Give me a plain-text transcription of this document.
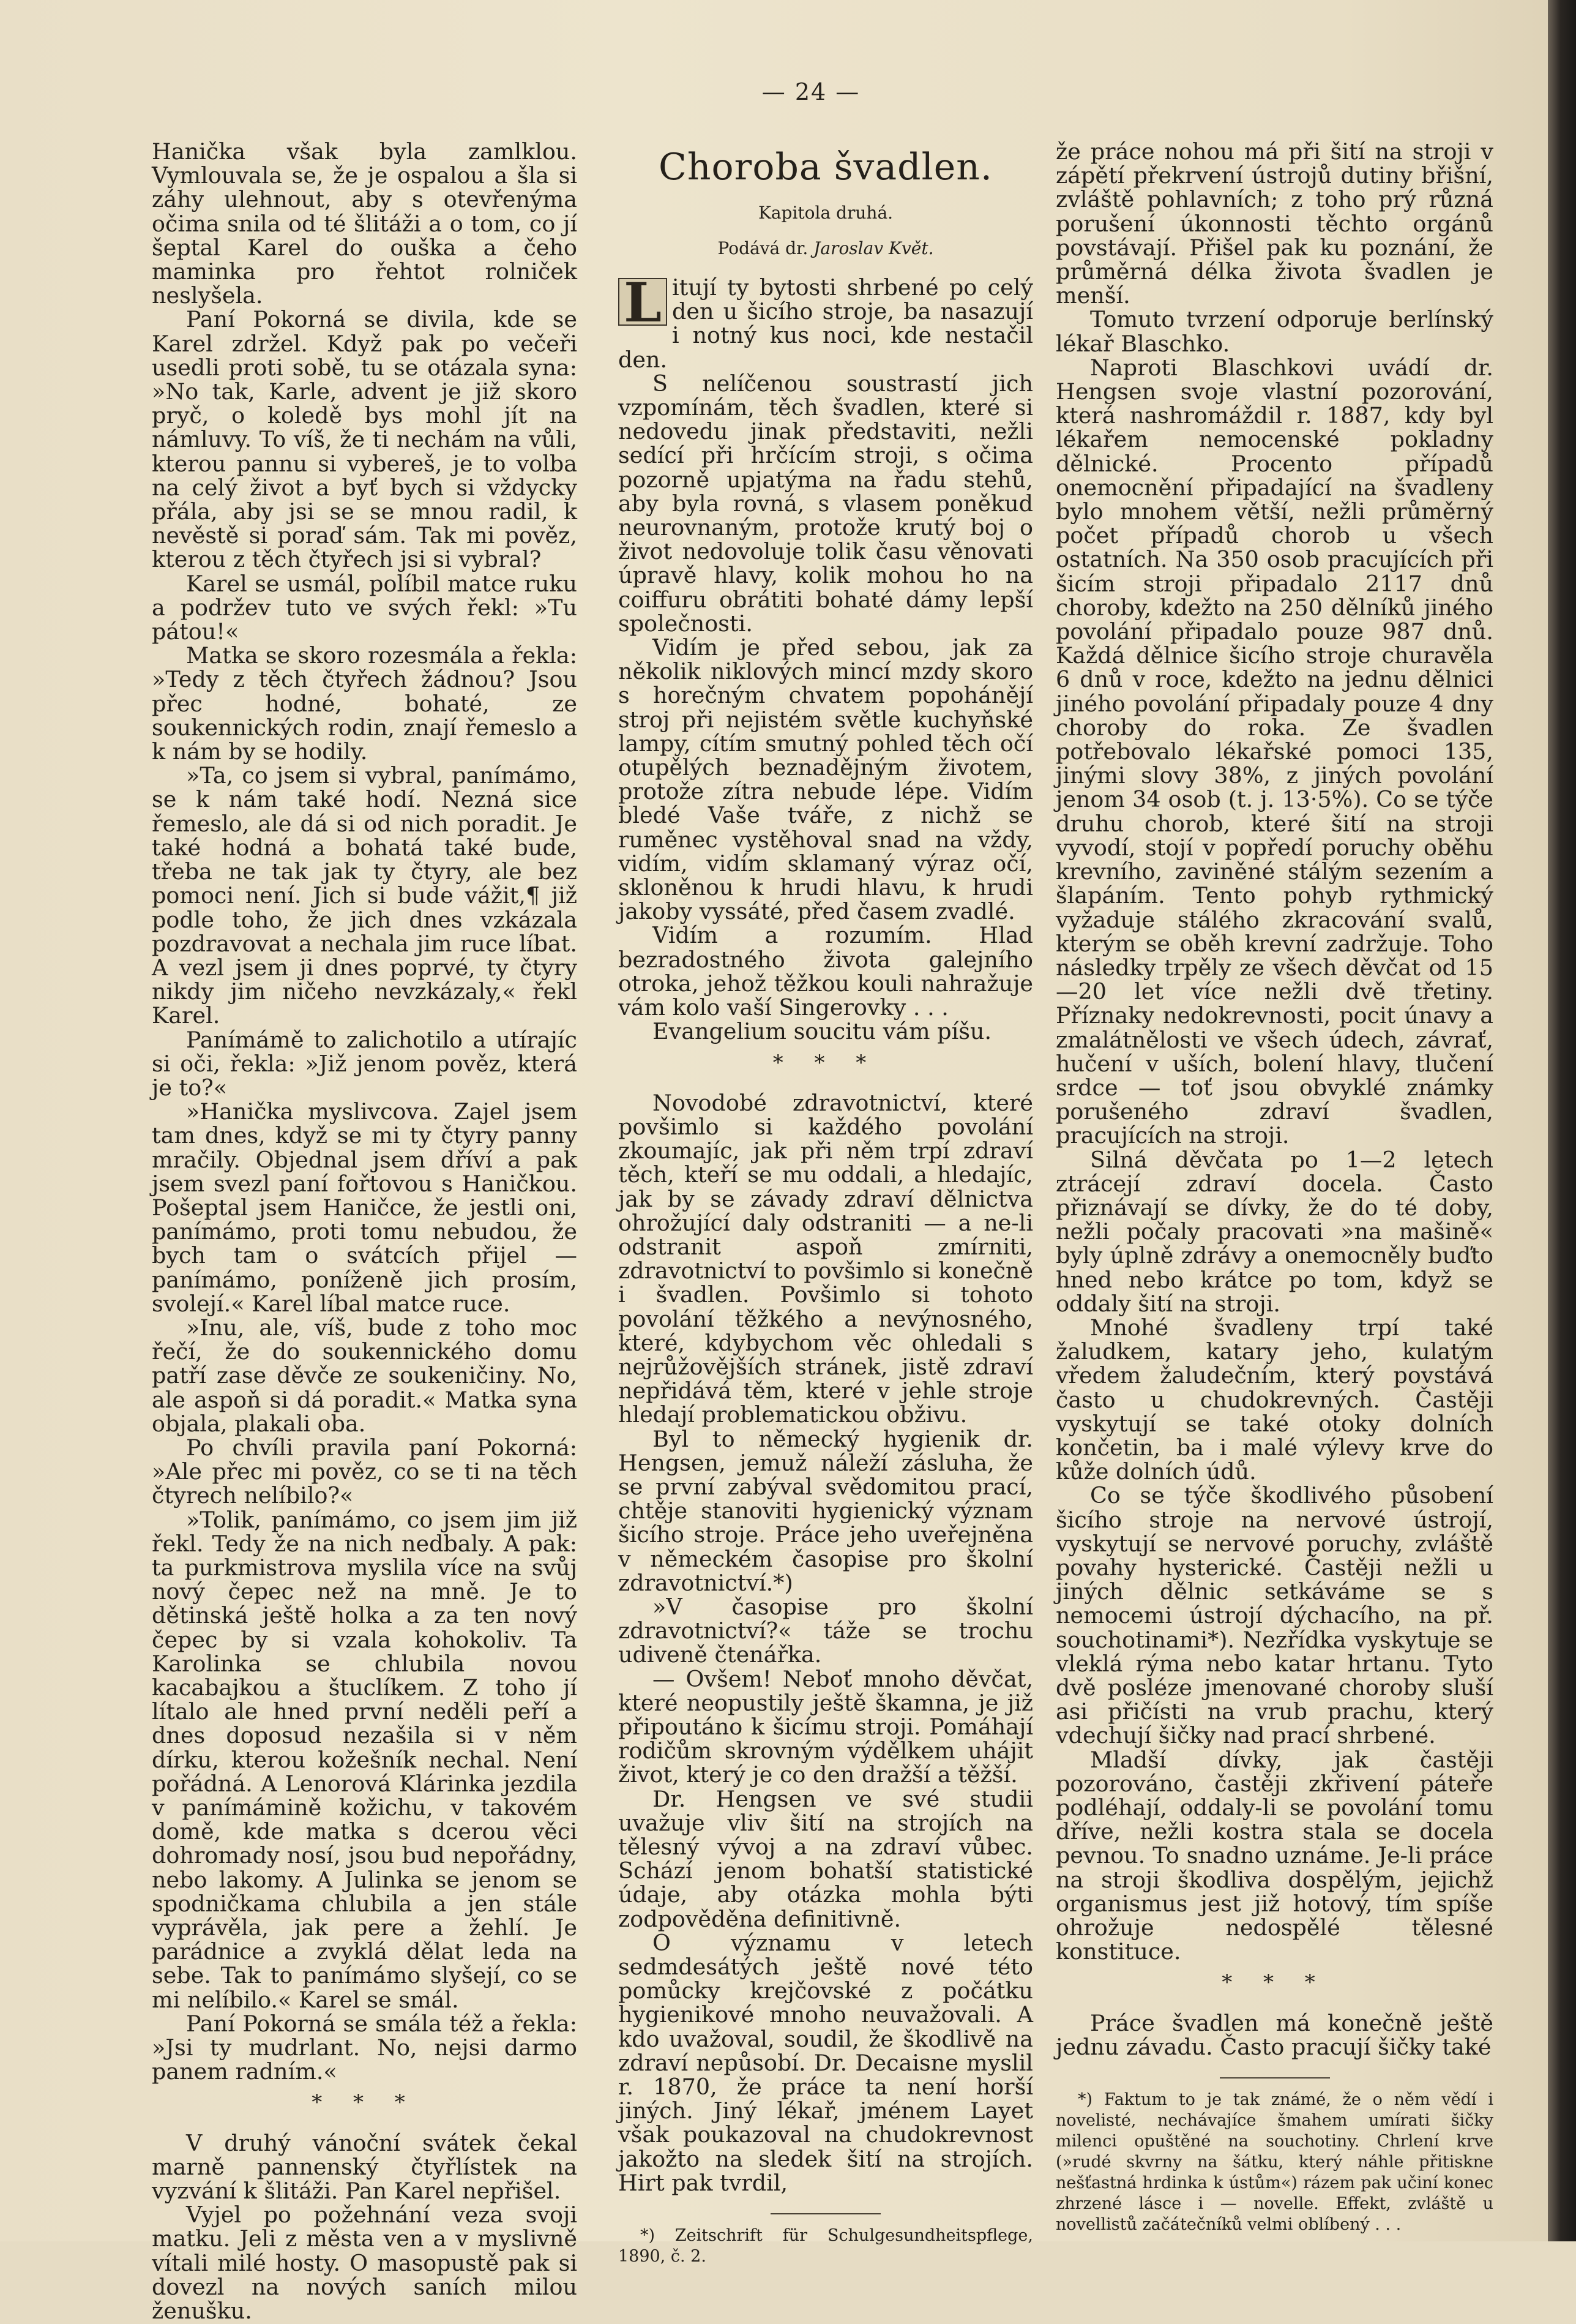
— 24 —

Hanička však byla zamlklou. Vymlouvala se, že je ospalou a šla si záhy ulehnout, aby s otevřenýma očima snila od té šlitáži a o tom, co jí šeptal Karel do ouška a čeho maminka pro řehtot rolniček neslyšela.

Paní Pokorná se divila, kde se Karel zdržel. Když pak po večeři usedli proti sobě, tu se otázala syna: »No tak, Karle, advent je již skoro pryč, o koledě bys mohl jít na námluvy. To víš, že ti nechám na vůli, kterou pannu si vybereš, je to volba na celý život a byť bych si vždycky přála, aby jsi se se mnou radil, k nevěstě si poraď sám. Tak mi pověz, kterou z těch čtyřech jsi si vybral?

Karel se usmál, políbil matce ruku a podržev tuto ve svých řekl: »Tu pátou!«

Matka se skoro rozesmála a řekla: »Tedy z těch čtyřech žádnou? Jsou přec hodné, bohaté, ze soukennických rodin, znají řemeslo a k nám by se hodily.

»Ta, co jsem si vybral, panímámo, se k nám také hodí. Nezná sice řemeslo, ale dá si od nich poradit. Je také hodná a bohatá také bude, třeba ne tak jak ty čtyry, ale bez pomoci není. Jich si bude vážit,¶ již podle toho, že jich dnes vzkázala pozdravovat a nechala jim ruce líbat. A vezl jsem ji dnes poprvé, ty čtyry nikdy jim ničeho nevzkázaly,« řekl Karel.

Panímámě to zalichotilo a utírajíc si oči, řekla: »Již jenom pověz, která je to?«

»Hanička myslivcova. Zajel jsem tam dnes, když se mi ty čtyry panny mračily. Objednal jsem dříví a pak jsem svezl paní fořtovou s Haničkou. Pošeptal jsem Haničce, že jestli oni, panímámo, proti tomu nebudou, že bych tam o svátcích přijel — panímámo, poníženě jich prosím, svolejí.« Karel líbal matce ruce.

»Inu, ale, víš, bude z toho moc řečí, že do soukennického domu patří zase děvče ze soukeničiny. No, ale aspoň si dá poradit.« Matka syna objala, plakali oba.

Po chvíli pravila paní Pokorná: »Ale přec mi pověz, co se ti na těch čtyrech nelíbilo?«

»Tolik, panímámo, co jsem jim již řekl. Tedy že na nich nedbaly. A pak: ta purkmistrova myslila více na svůj nový čepec než na mně. Je to dětinská ještě holka a za ten nový čepec by si vzala kohokoliv. Ta Karolinka se chlubila novou kacabajkou a štuclíkem. Z toho jí lítalo ale hned první neděli peří a dnes doposud nezašila si v něm dírku, kterou kožešník nechal. Není pořádná. A Lenorová Klárinka jezdila v panímámině kožichu, v takovém domě, kde matka s dcerou věci dohromady nosí, jsou bud nepořádny, nebo lakomy. A Julinka se jenom se spodničkama chlubila a jen stále vyprávěla, jak pere a žehlí. Je parádnice a zvyklá dělat leda na sebe. Tak to panímámo slyšejí, co se mi nelíbilo.« Karel se smál.

Paní Pokorná se smála též a řekla: »Jsi ty mudrlant. No, nejsi darmo panem radním.«

* * *

V druhý vánoční svátek čekal marně pannenský čtyřlístek na vyzvání k šlitáži. Pan Karel nepřišel.

Vyjel po požehnání veza svoji matku. Jeli z města ven a v myslivně vítali milé hosty. O masopustě pak si dovezl na nových saních milou ženušku.

Choroba švadlen.

Kapitola druhá.

Podává dr. Jaroslav Květ.

L itují ty bytosti shrbené po celý den u šicího stroje, ba nasazují i notný kus noci, kde nestačil den.

S nelíčenou soustrastí jich vzpomínám, těch švadlen, které si nedovedu jinak představiti, nežli sedící při hrčícím stroji, s očima pozorně upjatýma na řadu stehů, aby byla rovná, s vlasem poněkud neurovnaným, protože krutý boj o život nedovoluje tolik času věnovati úpravě hlavy, kolik mohou ho na coiffuru obrátiti bohaté dámy lepší společnosti.

Vidím je před sebou, jak za několik niklových mincí mzdy skoro s horečným chvatem popohánějí stroj při nejistém světle kuchyňské lampy, cítím smutný pohled těch očí otupělých beznadějným životem, protože zítra nebude lépe. Vidím bledé Vaše tváře, z nichž se ruměnec vystěhoval snad na vždy, vidím, vidím sklamaný výraz očí, skloněnou k hrudi hlavu, k hrudi jakoby vyssáté, před časem zvadlé.

Vidím a rozumím. Hlad bezradostného života galejního otroka, jehož těžkou kouli nahražuje vám kolo vaší Singerovky . . .

Evangelium soucitu vám píšu.

* * *

Novodobé zdravotnictví, které povšimlo si každého povolání zkoumajíc, jak při něm trpí zdraví těch, kteří se mu oddali, a hledajíc, jak by se závady zdraví dělnictva ohrožující daly odstraniti — a ne-li odstranit aspoň zmírniti, zdravotnictví to povšimlo si konečně i švadlen. Povšimlo si tohoto povolání těžkého a nevýnosného, které, kdybychom věc ohledali s nejrůžovějších stránek, jistě zdraví nepřidává těm, které v jehle stroje hledají problematickou obživu.

Byl to německý hygienik dr. Hengsen, jemuž náleží zásluha, že se první zabýval svědomitou prací, chtěje stanoviti hygienický význam šicího stroje. Práce jeho uveřejněna v německém časopise pro školní zdravotnictví.*)

»V časopise pro školní zdravotnictví?« táže se trochu udiveně čtenářka.

— Ovšem! Neboť mnoho děvčat, které neopustily ještě škamna, je již připoutáno k šicímu stroji. Pomáhají rodičům skrovným výdělkem uhájit život, který je co den dražší a těžší.

Dr. Hengsen ve své studii uvažuje vliv šití na strojích na tělesný vývoj a na zdraví vůbec. Schází jenom bohatší statistické údaje, aby otázka mohla býti zodpověděna definitivně.

O významu v letech sedmdesátých ještě nové této pomůcky krejčovské z počátku hygienikové mnoho neuvažovali. A kdo uvažoval, soudil, že škodlivě na zdraví nepůsobí. Dr. Decaisne myslil r. 1870, že práce ta není horší jiných. Jiný lékař, jménem Layet však poukazoval na chudokrevnost jakožto na sledek šití na strojích. Hirt pak tvrdil,

*) Zeitschrift für Schulgesundheitspflege, 1890, č. 2.

že práce nohou má při šití na stroji v zápětí překrvení ústrojů dutiny břišní, zvláště pohlavních; z toho prý různá porušení úkonnosti těchto orgánů povstávají. Přišel pak ku poznání, že průměrná délka života švadlen je menší.

Tomuto tvrzení odporuje berlínský lékař Blaschko.

Naproti Blaschkovi uvádí dr. Hengsen svoje vlastní pozorování, která nashromáždil r. 1887, kdy byl lékařem nemocenské pokladny dělnické. Procento případů onemocnění připadající na švadleny bylo mnohem větší, nežli průměrný počet případů chorob u všech ostatních. Na 350 osob pracujících při šicím stroji připadalo 2117 dnů choroby, kdežto na 250 dělníků jiného povolání připadalo pouze 987 dnů. Každá dělnice šicího stroje churavěla 6 dnů v roce, kdežto na jednu dělnici jiného povolání připadaly pouze 4 dny choroby do roka. Ze švadlen potřebovalo lékařské pomoci 135, jinými slovy 38%, z jiných povolání jenom 34 osob (t. j. 13·5%). Co se týče druhu chorob, které šití na stroji vyvodí, stojí v popředí poruchy oběhu krevního, zaviněné stálým sezením a šlapáním. Tento pohyb rythmický vyžaduje stálého zkracování svalů, kterým se oběh krevní zadržuje. Toho následky trpěly ze všech děvčat od 15—20 let více nežli dvě třetiny. Příznaky nedokrevnosti, pocit únavy a zmalátnělosti ve všech údech, závrať, hučení v uších, bolení hlavy, tlučení srdce — toť jsou obvyklé známky porušeného zdraví švadlen, pracujících na stroji.

Silná děvčata po 1—2 letech ztrácejí zdraví docela. Často přiznávají se dívky, že do té doby, nežli počaly pracovati »na mašině« byly úplně zdrávy a onemocněly buďto hned nebo krátce po tom, když se oddaly šití na stroji.

Mnohé švadleny trpí také žaludkem, katary jeho, kulatým vředem žaludečním, který povstává často u chudokrevných. Častěji vyskytují se také otoky dolních končetin, ba i malé výlevy krve do kůže dolních údů.

Co se týče škodlivého působení šicího stroje na nervové ústrojí, vyskytují se nervové poruchy, zvláště povahy hysterické. Častěji nežli u jiných dělnic setkáváme se s nemocemi ústrojí dýchacího, na př. souchotinami*). Nezřídka vyskytuje se vleklá rýma nebo katar hrtanu. Tyto dvě posléze jmenované choroby sluší asi přičísti na vrub prachu, který vdechují šičky nad prací shrbené.

Mladší dívky, jak častěji pozorováno, častěji zkřivení páteře podléhají, oddaly-li se povolání tomu dříve, nežli kostra stala se docela pevnou. To snadno uznáme. Je-li práce na stroji škodliva dospělým, jejichž organismus jest již hotový, tím spíše ohrožuje nedospělé tělesné konstituce.

* * *

Práce švadlen má konečně ještě jednu závadu. Často pracují šičky také

*) Faktum to je tak známé, že o něm vědí i novelisté, nechávajíce šmahem umírati šičky milenci opuštěné na souchotiny. Chrlení krve (»rudé skvrny na šátku, který náhle přitiskne nešťastná hrdinka k ústům«) rázem pak učiní konec zhrzené lásce i — novelle. Effekt, zvláště u novellistů začátečníků velmi oblíbený . . .
